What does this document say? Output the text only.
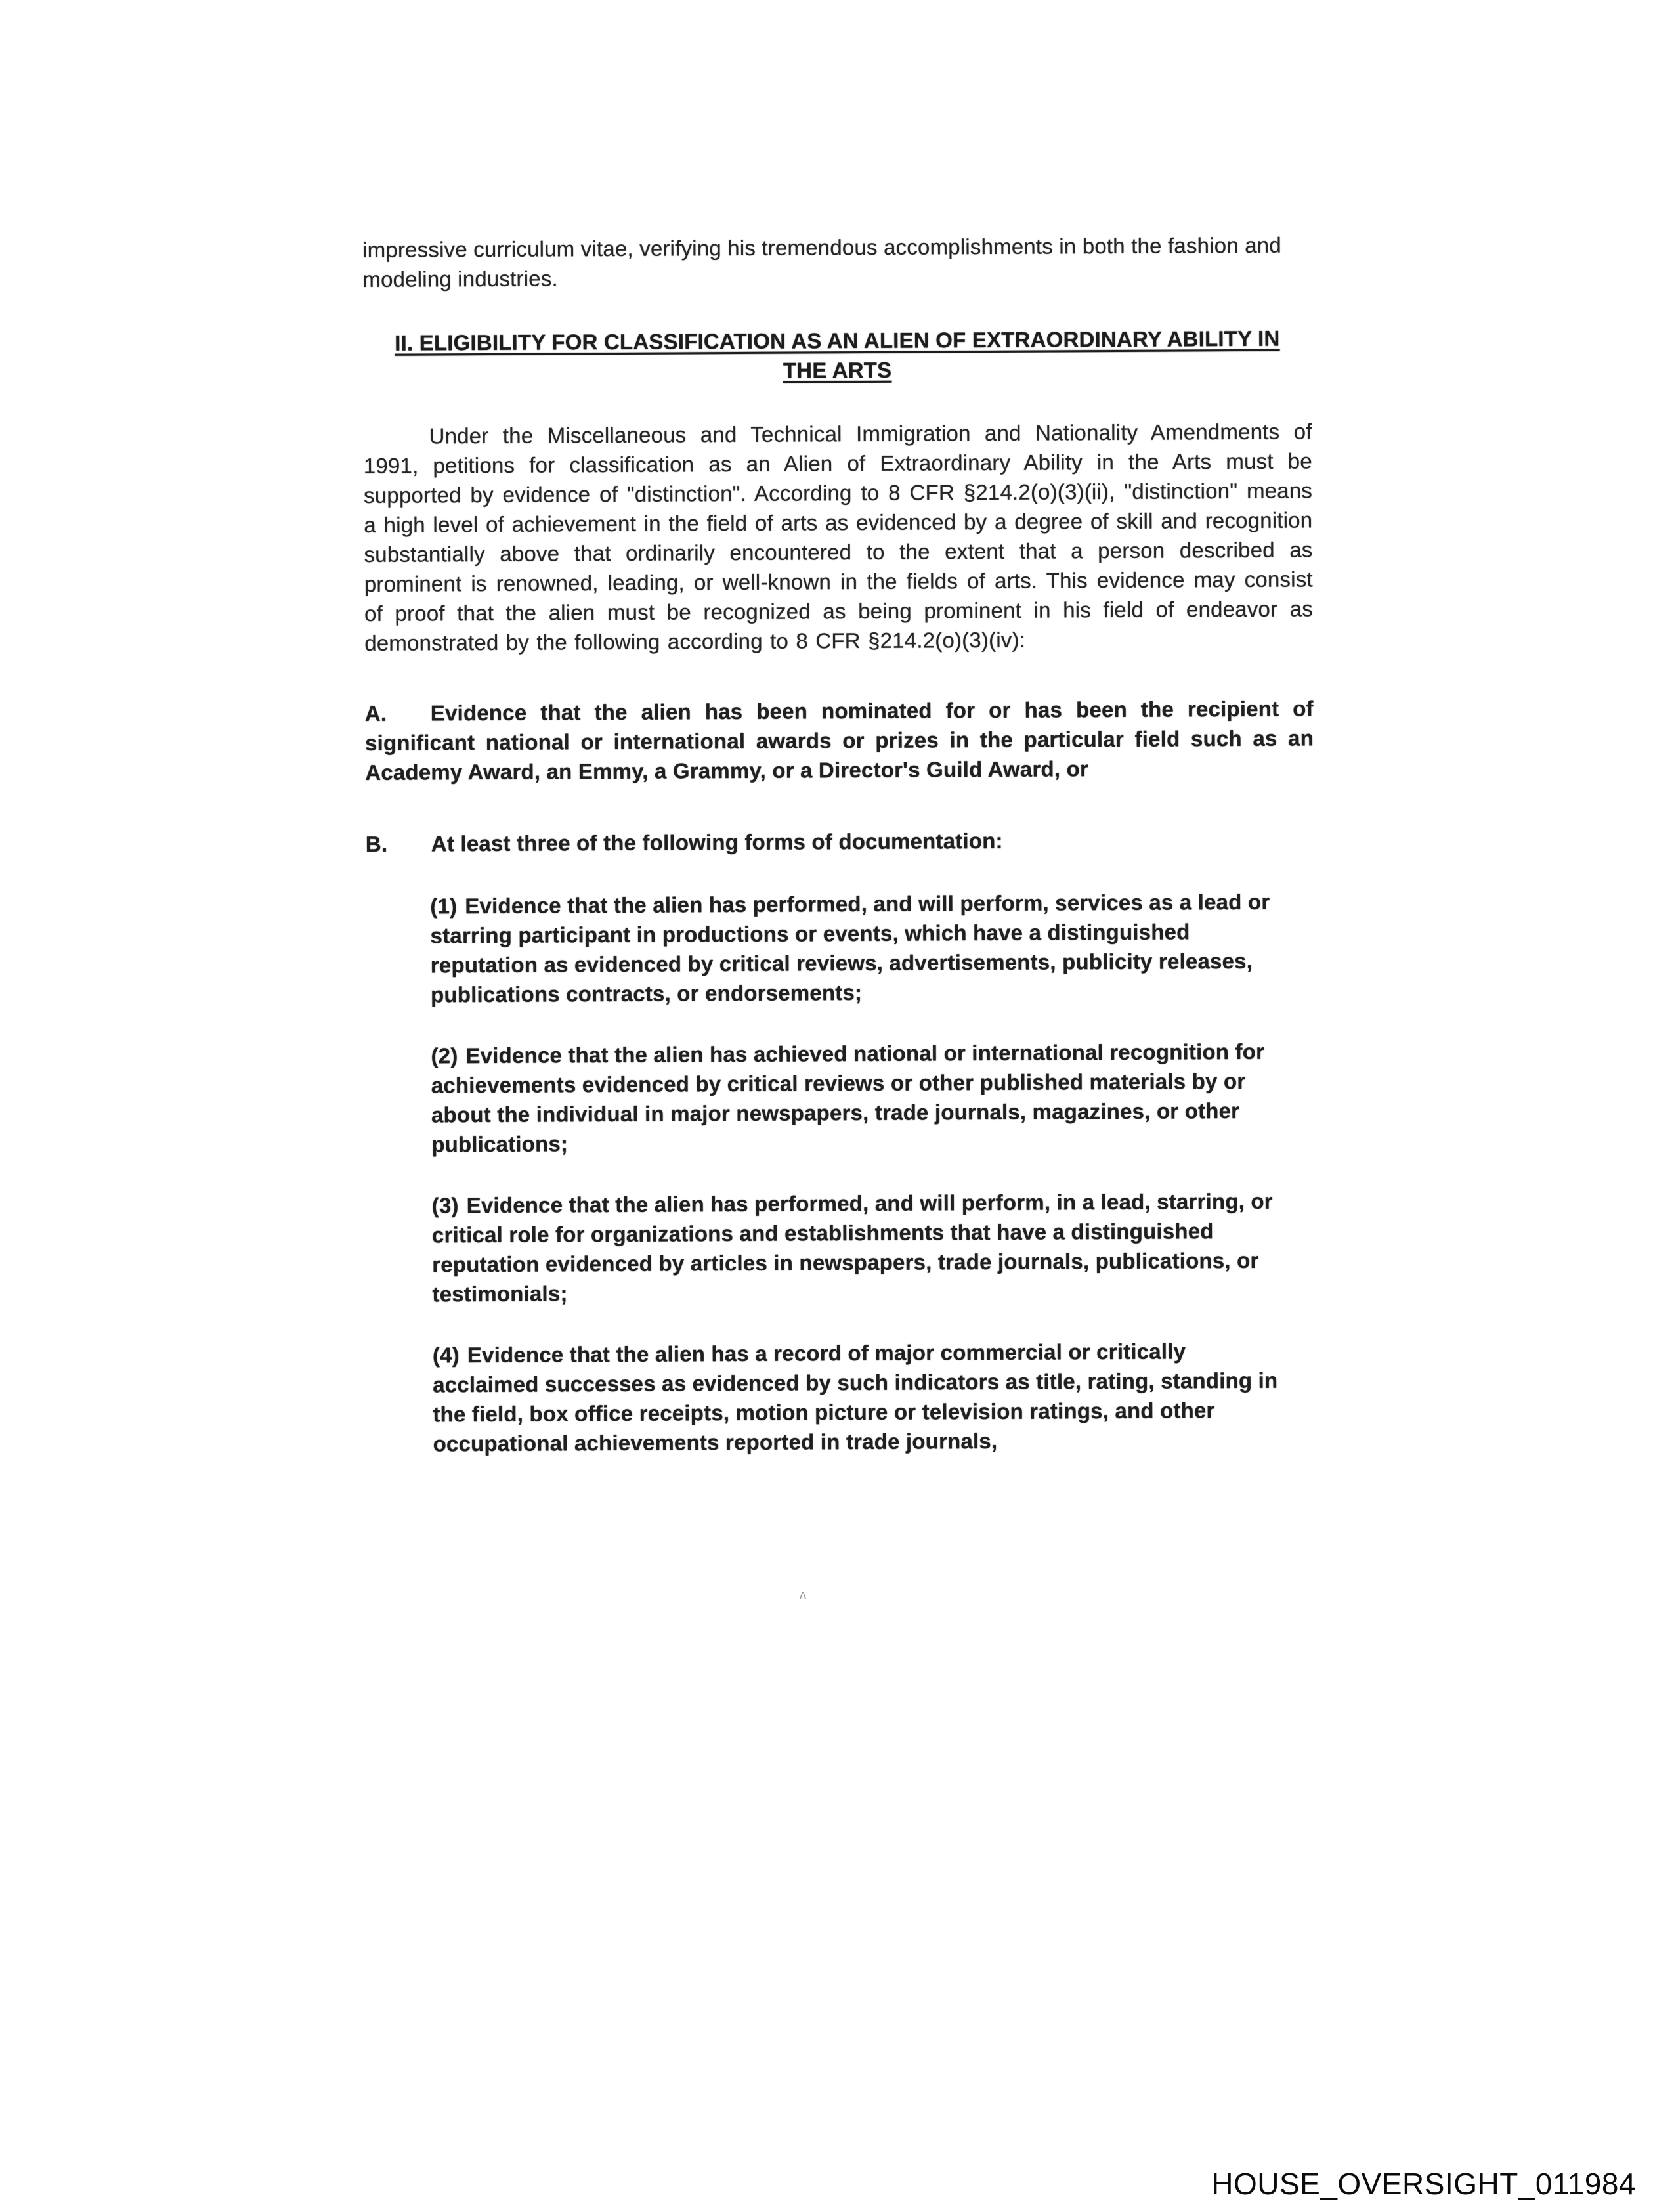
impressive curriculum vitae, verifying his tremendous accomplishments in both the fashion and modeling industries.

II. ELIGIBILITY FOR CLASSIFICATION AS AN ALIEN OF EXTRAORDINARY ABILITY IN
THE ARTS

Under the Miscellaneous and Technical Immigration and Nationality Amendments of 1991, petitions for classification as an Alien of Extraordinary Ability in the Arts must be supported by evidence of "distinction". According to 8 CFR §214.2(o)(3)(ii), "distinction" means a high level of achievement in the field of arts as evidenced by a degree of skill and recognition substantially above that ordinarily encountered to the extent that a person described as prominent is renowned, leading, or well-known in the fields of arts. This evidence may consist of proof that the alien must be recognized as being prominent in his field of endeavor as demonstrated by the following according to 8 CFR §214.2(o)(3)(iv):

A. Evidence that the alien has been nominated for or has been the recipient of significant national or international awards or prizes in the particular field such as an Academy Award, an Emmy, a Grammy, or a Director's Guild Award, or

B. At least three of the following forms of documentation:

(1) Evidence that the alien has performed, and will perform, services as a lead or starring participant in productions or events, which have a distinguished reputation as evidenced by critical reviews, advertisements, publicity releases, publications contracts, or endorsements;

(2) Evidence that the alien has achieved national or international recognition for achievements evidenced by critical reviews or other published materials by or about the individual in major newspapers, trade journals, magazines, or other publications;

(3) Evidence that the alien has performed, and will perform, in a lead, starring, or critical role for organizations and establishments that have a distinguished reputation evidenced by articles in newspapers, trade journals, publications, or testimonials;

(4) Evidence that the alien has a record of major commercial or critically acclaimed successes as evidenced by such indicators as title, rating, standing in the field, box office receipts, motion picture or television ratings, and other occupational achievements reported in trade journals,

ʌ
HOUSE_OVERSIGHT_011984
